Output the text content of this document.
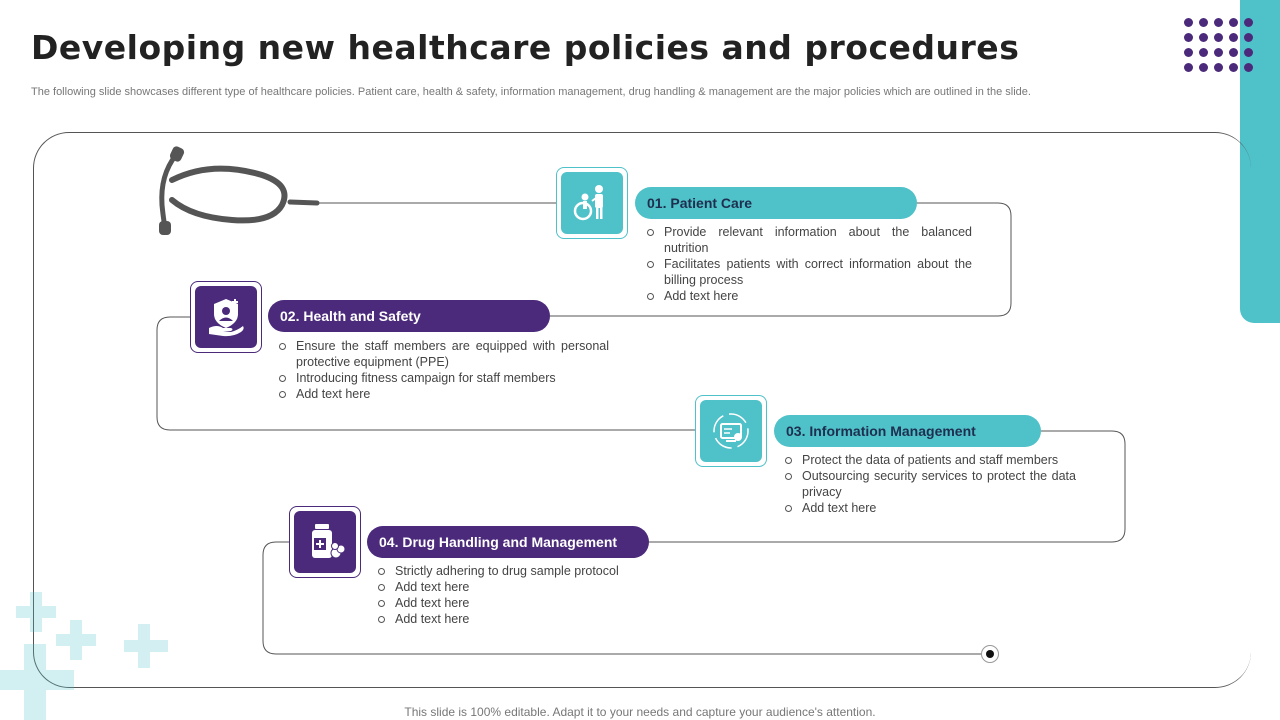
Developing new healthcare policies and procedures
The following slide showcases different type of healthcare policies. Patient care, health & safety, information management, drug handling & management are the major policies which are outlined in the slide.
01. Patient Care
Provide relevant information about the balanced nutrition
Facilitates patients with correct information about the billing process
Add text here
02. Health and Safety
Ensure the staff members are equipped with personal protective equipment (PPE)
Introducing fitness campaign for staff members
Add text here
03. Information Management
Protect the data of patients and staff members
Outsourcing security services to protect the data privacy
Add text here
04. Drug Handling and Management
Strictly adhering to drug sample protocol
Add text here
Add text here
Add text here
This slide is 100% editable. Adapt it to your needs and capture your audience's attention.
